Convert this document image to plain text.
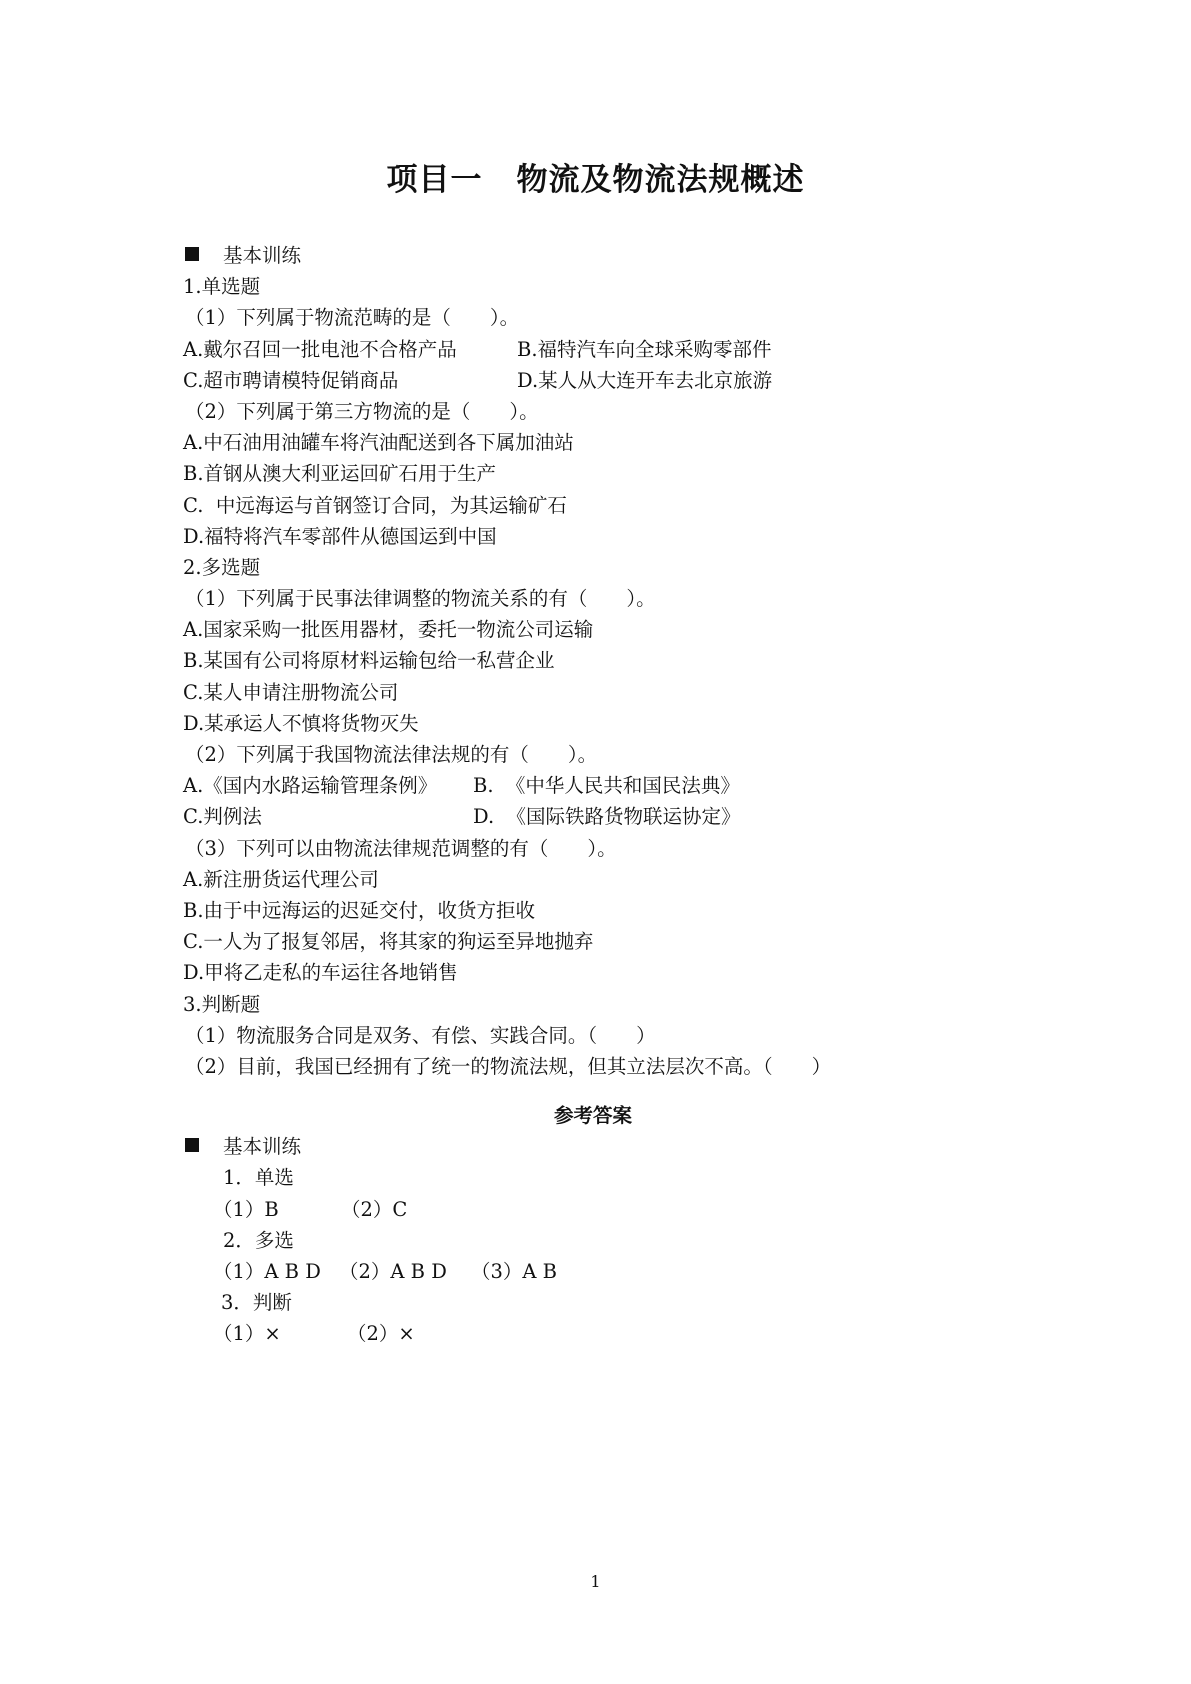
项目一 物流及物流法规概述
基本训练
1.单选题
（1）下列属于物流范畴的是（　　）。
A.戴尔召回一批电池不合格产品	B.福特汽车向全球采购零部件
C.超市聘请模特促销商品	D.某人从大连开车去北京旅游
（2）下列属于第三方物流的是（　　）。
A.中石油用油罐车将汽油配送到各下属加油站
B.首钢从澳大利亚运回矿石用于生产
C.  中远海运与首钢签订合同，为其运输矿石
D.福特将汽车零部件从德国运到中国
2.多选题
（1）下列属于民事法律调整的物流关系的有（　　）。
A.国家采购一批医用器材，委托一物流公司运输
B.某国有公司将原材料运输包给一私营企业
C.某人申请注册物流公司
D.某承运人不慎将货物灭失
（2）下列属于我国物流法律法规的有（　　）。
A.《国内水路运输管理条例》 B.  《中华人民共和国民法典》
C.判例法	D.  《国际铁路货物联运协定》
（3）下列可以由物流法律规范调整的有（　　）。
A.新注册货运代理公司
B.由于中远海运的迟延交付，收货方拒收
C.一人为了报复邻居，将其家的狗运至异地抛弃
D.甲将乙走私的车运往各地销售
3.判断题
（1）物流服务合同是双务、有偿、实践合同。（　　）
（2）目前，我国已经拥有了统一的物流法规，但其立法层次不高。（　　）
参考答案
基本训练
1．单选
（1）B	（2）C
2．多选
（1）A B D （2）A B D （3）A B
3．判断
（1）×	（2）×
1
